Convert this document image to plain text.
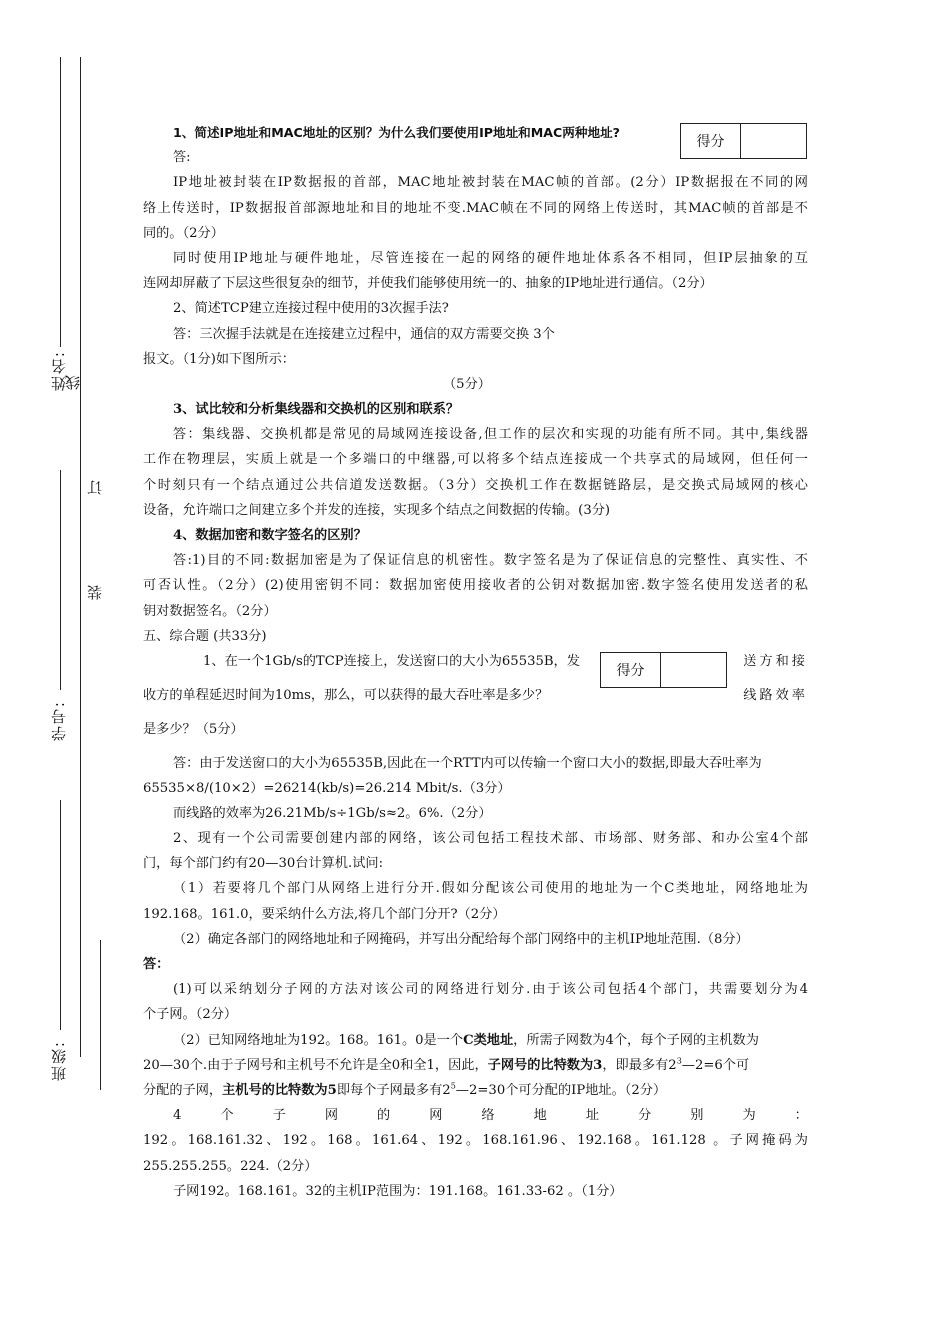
姓名:
线
订
装
学号:
班级:
得分
得分
1、简述IP地址和MAC地址的区别？为什么我们要使用IP地址和MAC两种地址?
答:
IP地址被封装在IP数据报的首部，MAC地址被封装在MAC帧的首部。(2分）IP数据报在不同的网
络上传送时，IP数据报首部源地址和目的地址不变.MAC帧在不同的网络上传送时，其MAC帧的首部是不
同的。（2分）
同时使用IP地址与硬件地址，尽管连接在一起的网络的硬件地址体系各不相同，但IP层抽象的互
连网却屏蔽了下层这些很复杂的细节，并使我们能够使用统一的、抽象的IP地址进行通信。（2分）
2、简述TCP建立连接过程中使用的3次握手法?
答：三次握手法就是在连接建立过程中，通信的双方需要交换 3个
报文。（1分)如下图所示：
（5分）
3、试比较和分析集线器和交换机的区别和联系？
答：集线器、交换机都是常见的局域网连接设备,但工作的层次和实现的功能有所不同。其中,集线器
工作在物理层，实质上就是一个多端口的中继器,可以将多个结点连接成一个共享式的局域网，但任何一
个时刻只有一个结点通过公共信道发送数据。（3分）交换机工作在数据链路层，是交换式局域网的核心
设备，允许端口之间建立多个并发的连接，实现多个结点之间数据的传输。(3分)
4、数据加密和数字签名的区别？
答:1)目的不同:数据加密是为了保证信息的机密性。数字签名是为了保证信息的完整性、真实性、不
可否认性。（2分）(2)使用密钥不同：数据加密使用接收者的公钥对数据加密.数字签名使用发送者的私
钥对数据签名。（2分）
五、综合题 (共33分)
1、在一个1Gb/s的TCP连接上，发送窗口的大小为65535B，发	送方和接
收方的单程延迟时间为10ms，那么，可以获得的最大吞吐率是多少？	线路效率
是多少？（5分）
答：由于发送窗口的大小为65535B,因此在一个RTT内可以传输一个窗口大小的数据,即最大吞吐率为
65535×8/(10×2）=26214(kb/s)=26.214 Mbit/s.（3分）
而线路的效率为26.21Mb/s÷1Gb/s≈2。6%.（2分）
2、现有一个公司需要创建内部的网络，该公司包括工程技术部、市场部、财务部、和办公室4个部
门，每个部门约有20—30台计算机.试问:
（1）若要将几个部门从网络上进行分开.假如分配该公司使用的地址为一个C类地址，网络地址为
192.168。161.0，要采纳什么方法,将几个部门分开?（2分）
（2）确定各部门的网络地址和子网掩码，并写出分配给每个部门网络中的主机IP地址范围.（8分）
答：
(1)可以采纳划分子网的方法对该公司的网络进行划分.由于该公司包括4个部门，共需要划分为4
个子网。（2分）
（2）已知网络地址为192。168。161。0是一个C类地址，所需子网数为4个，每个子网的主机数为
20—30个.由于子网号和主机号不允许是全0和全1，因此，子网号的比特数为3，即最多有$2^3—2=6$个可
分配的子网，主机号的比特数为5即每个子网最多有$2^5—2=30$个可分配的IP地址。（2分）
4	个	子	网	的	网	络	地	址	分	别	为	：
192。168.161.32、192。168。161.64、192。168.161.96、192.168。161.128 。子网掩码为
255.255.255。224.（2分）
子网192。168.161。32的主机IP范围为：191.168。161.33-62 。（1分）
